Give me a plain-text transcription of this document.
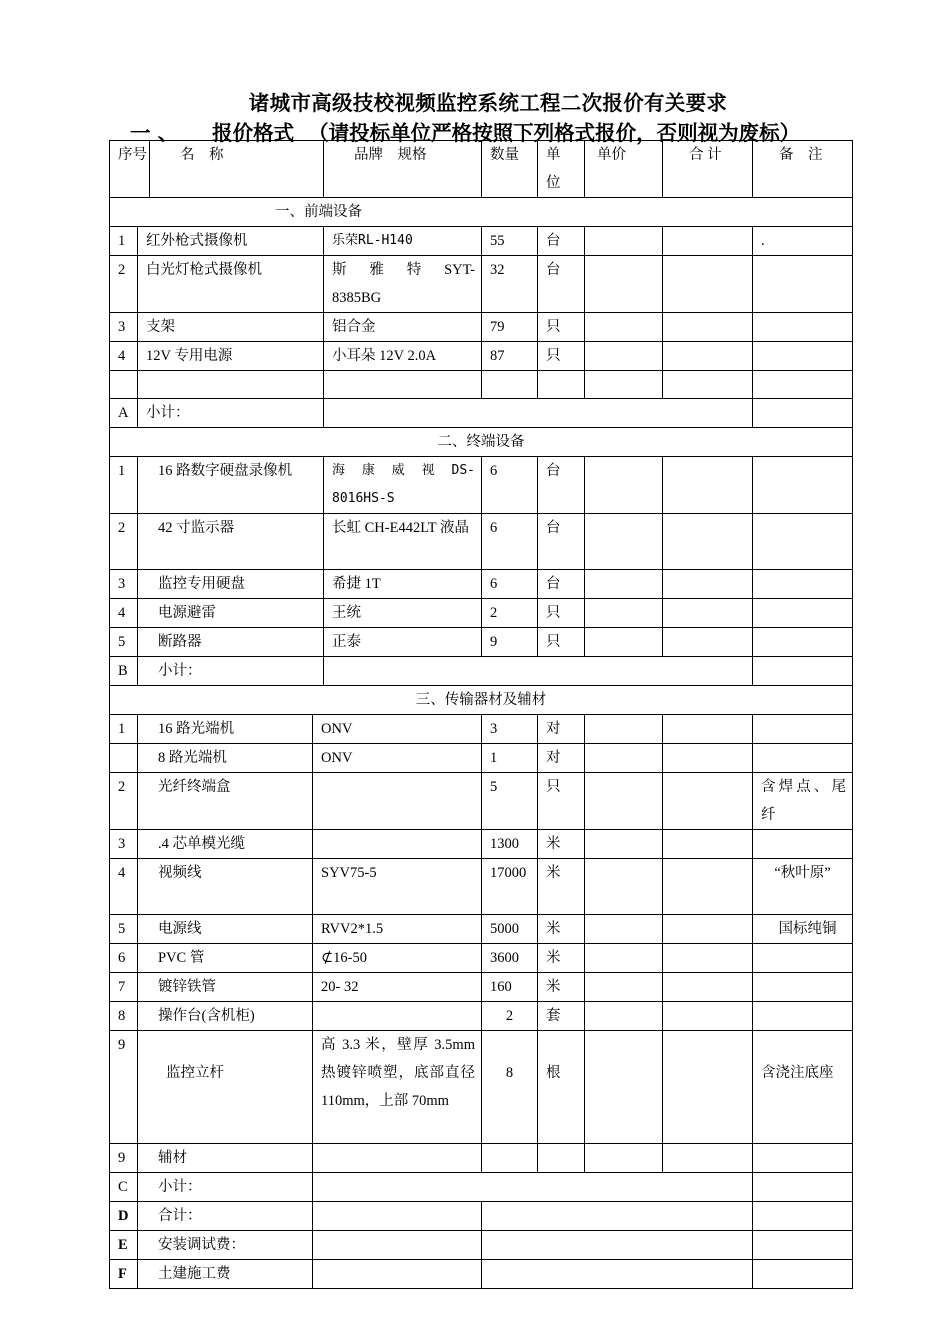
诸城市高级技校视频监控系统工程二次报价有关要求
一 、 报价格式 （请投标单位严格按照下列格式报价，否则视为废标）
序号		名　称		品牌　规格	数量	单位	单价	合 计	备　注
一、前端设备									
1	红外枪式摄像机			乐荣RL-H140	55	台			.
2	白光灯枪式摄像机			斯　雅　特　SYT-8385BG	32	台			
3	支架			铝合金	79	只			
4	12V 专用电源			小耳朵 12V 2.0A	87	只			

A	小计：								
二、终端设备									
1	16 路数字硬盘录像机			海　康　威　视　DS-8016HS-S	6	台			
2	42 寸监示器			长虹 CH-E442LT 液晶	6	台			
3	监控专用硬盘			希捷 1T	6	台			
4	电源避雷			王统	2	只			
5	断路器			正泰	9	只			
B	小计：								
三、传输器材及辅材									
1	16 路光端机		ONV		3	对			
	8 路光端机		ONV		1	对			
2	光纤终端盒				5	只			含焊点、尾纤
3	.4 芯单模光缆				1300	米			
4	视频线		SYV75-5		17000	米			“秋叶原”
5	电源线		RVV2*1.5		5000	米			国标纯铜
6	PVC 管		⊄16-50		3600	米			
7	镀锌铁管		20- 32		160	米			
8	操作台(含机柜)				2	套			
9	监控立杆		高 3.3 米，壁厚 3.5mm 热镀锌喷塑，底部直径 110mm，上部 70mm		8	根			含浇注底座
9	辅材								
C	小计：								
D	合计：								
E	安装调试费：								
F	土建施工费								
